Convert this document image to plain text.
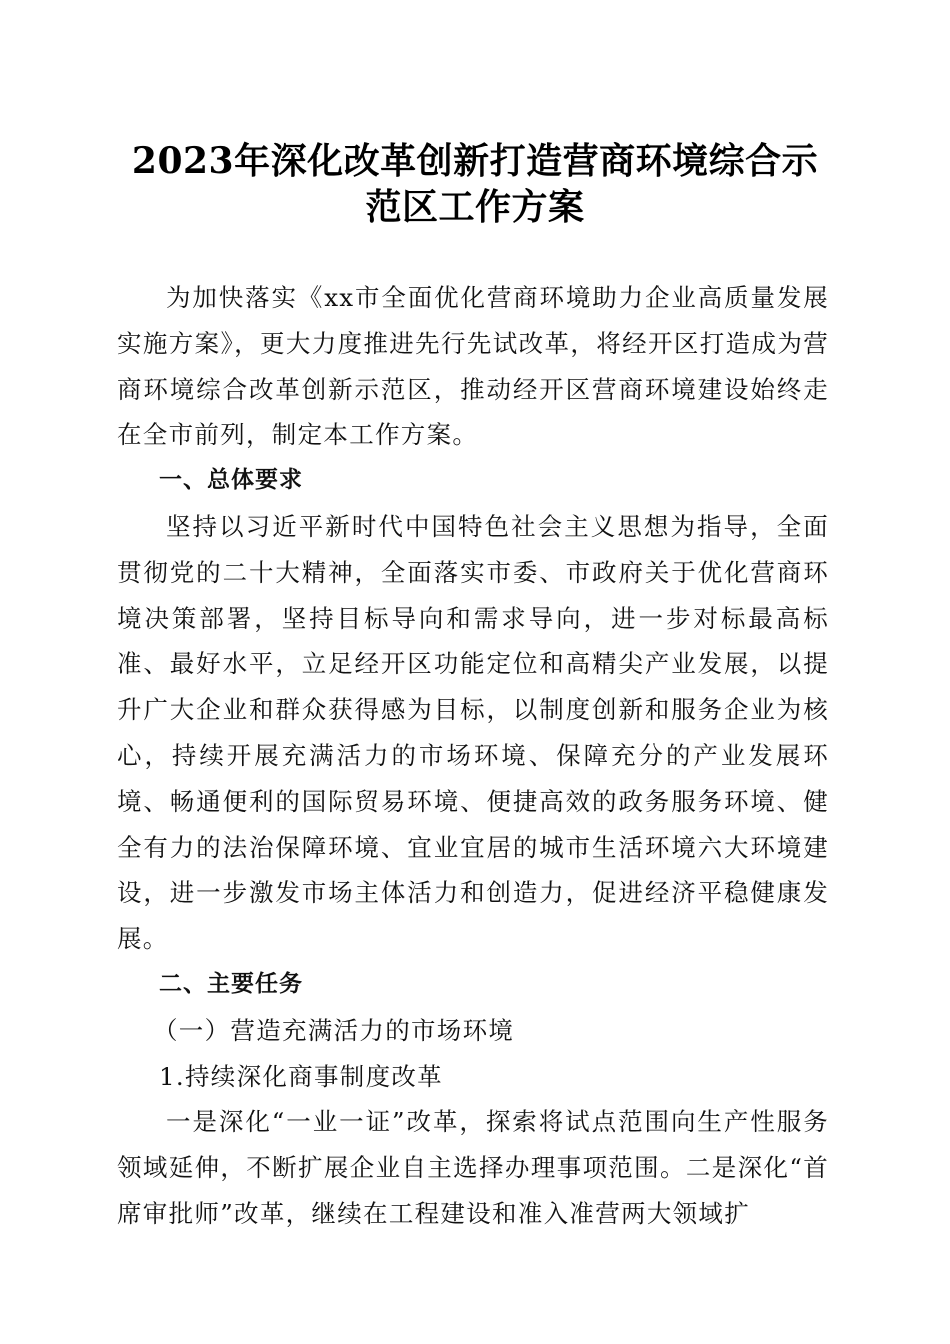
2023年深化改革创新打造营商环境综合示范区工作方案

为加快落实《xx市全面优化营商环境助力企业高质量发展实施方案》，更大力度推进先行先试改革，将经开区打造成为营商环境综合改革创新示范区，推动经开区营商环境建设始终走在全市前列，制定本工作方案。

一、总体要求

坚持以习近平新时代中国特色社会主义思想为指导，全面贯彻党的二十大精神，全面落实市委、市政府关于优化营商环境决策部署，坚持目标导向和需求导向，进一步对标最高标准、最好水平，立足经开区功能定位和高精尖产业发展，以提升广大企业和群众获得感为目标，以制度创新和服务企业为核心，持续开展充满活力的市场环境、保障充分的产业发展环境、畅通便利的国际贸易环境、便捷高效的政务服务环境、健全有力的法治保障环境、宜业宜居的城市生活环境六大环境建设，进一步激发市场主体活力和创造力，促进经济平稳健康发展。

二、主要任务

（一）营造充满活力的市场环境

1.持续深化商事制度改革

一是深化“一业一证”改革，探索将试点范围向生产性服务领域延伸，不断扩展企业自主选择办理事项范围。二是深化“首席审批师”改革，继续在工程建设和准入准营两大领域扩
